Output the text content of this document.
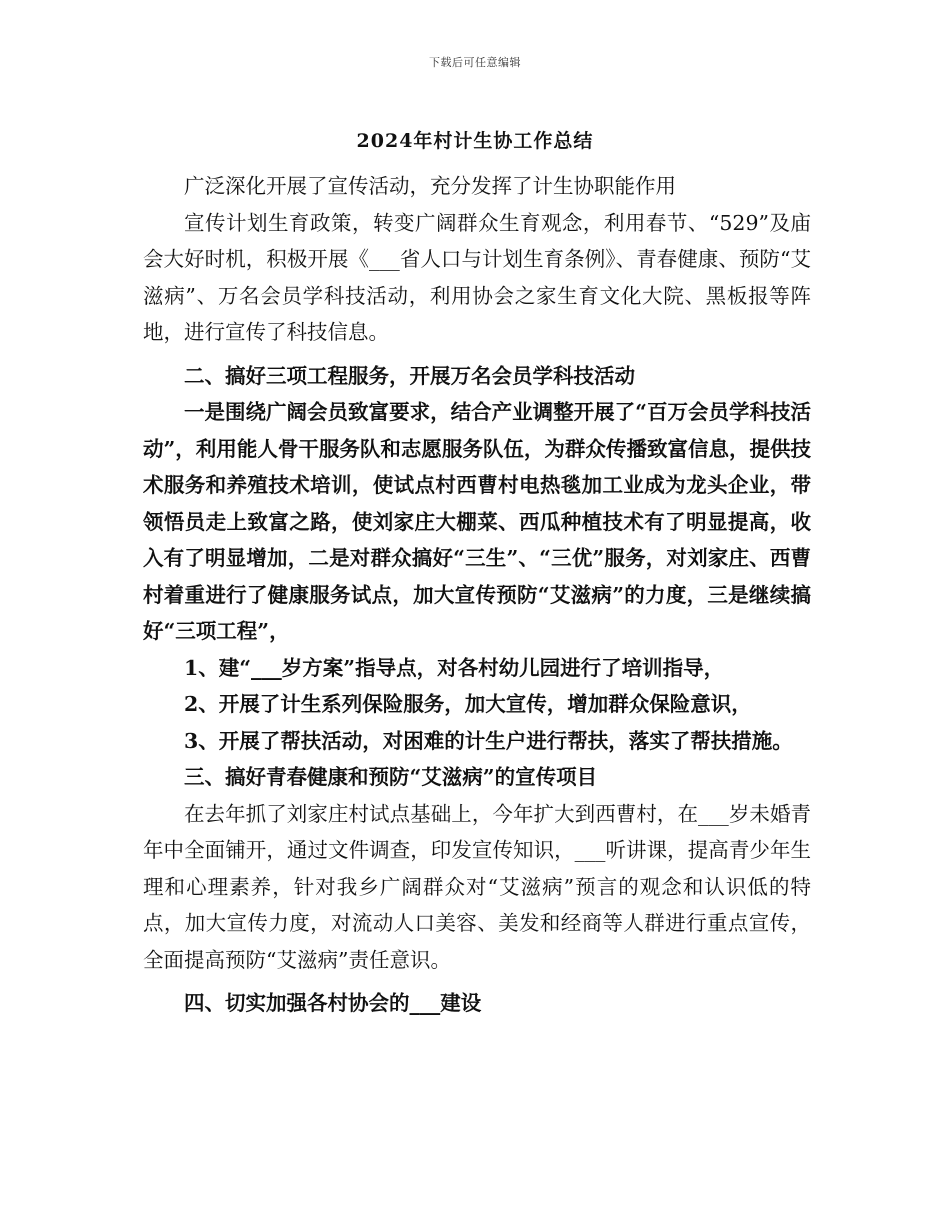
下载后可任意编辑
2024年村计生协工作总结

广泛深化开展了宣传活动，充分发挥了计生协职能作用

宣传计划生育政策，转变广阔群众生育观念，利用春节、“529”及庙会大好时机，积极开展《___省人口与计划生育条例》、青春健康、预防“艾滋病”、万名会员学科技活动，利用协会之家生育文化大院、黑板报等阵地，进行宣传了科技信息。

二、搞好三项工程服务，开展万名会员学科技活动

一是围绕广阔会员致富要求，结合产业调整开展了“百万会员学科技活动”，利用能人骨干服务队和志愿服务队伍，为群众传播致富信息，提供技术服务和养殖技术培训，使试点村西曹村电热毯加工业成为龙头企业，带领悟员走上致富之路，使刘家庄大棚菜、西瓜种植技术有了明显提高，收入有了明显增加，二是对群众搞好“三生”、“三优”服务，对刘家庄、西曹村着重进行了健康服务试点，加大宣传预防“艾滋病”的力度，三是继续搞好“三项工程”，

1、建“___岁方案”指导点，对各村幼儿园进行了培训指导，

2、开展了计生系列保险服务，加大宣传，增加群众保险意识，

3、开展了帮扶活动，对困难的计生户进行帮扶，落实了帮扶措施。

三、搞好青春健康和预防“艾滋病”的宣传项目

在去年抓了刘家庄村试点基础上，今年扩大到西曹村，在___岁未婚青年中全面铺开，通过文件调查，印发宣传知识，___听讲课，提高青少年生理和心理素养，针对我乡广阔群众对“艾滋病”预言的观念和认识低的特点，加大宣传力度，对流动人口美容、美发和经商等人群进行重点宣传，全面提高预防“艾滋病”责任意识。

四、切实加强各村协会的___建设
